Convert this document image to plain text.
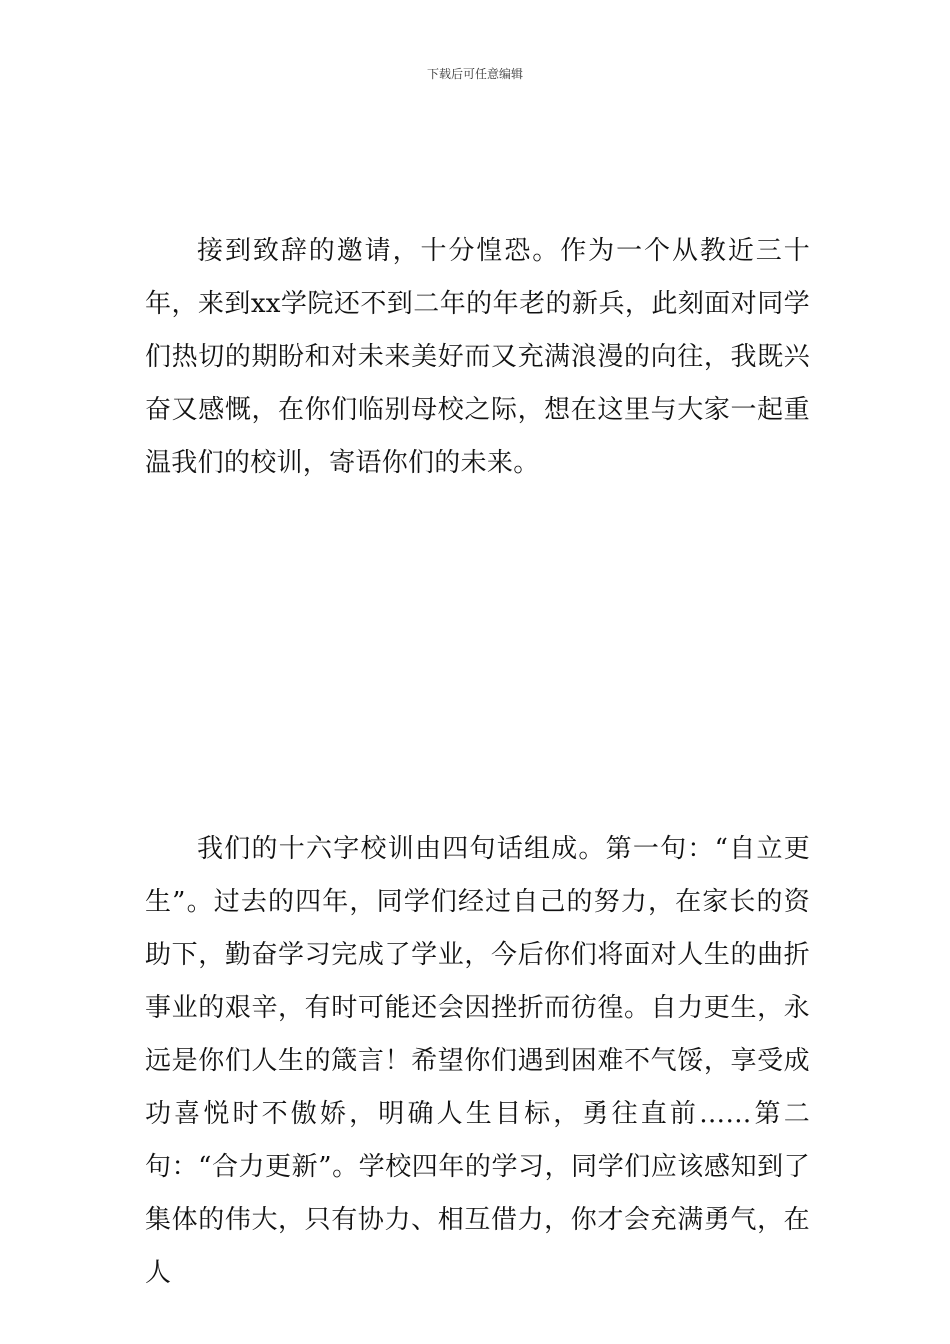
下载后可任意编辑

接到致辞的邀请，十分惶恐。作为一个从教近三十年，来到xx学院还不到二年的年老的新兵，此刻面对同学们热切的期盼和对未来美好而又充满浪漫的向往，我既兴奋又感慨，在你们临别母校之际，想在这里与大家一起重温我们的校训，寄语你们的未来。

我们的十六字校训由四句话组成。第一句：“自立更生”。过去的四年，同学们经过自己的努力，在家长的资助下，勤奋学习完成了学业，今后你们将面对人生的曲折事业的艰辛，有时可能还会因挫折而彷徨。自力更生，永远是你们人生的箴言！希望你们遇到困难不气馁，享受成功喜悦时不傲娇，明确人生目标，勇往直前……第二句：“合力更新”。学校四年的学习，同学们应该感知到了集体的伟大，只有协力、相互借力，你才会充满勇气，在人
